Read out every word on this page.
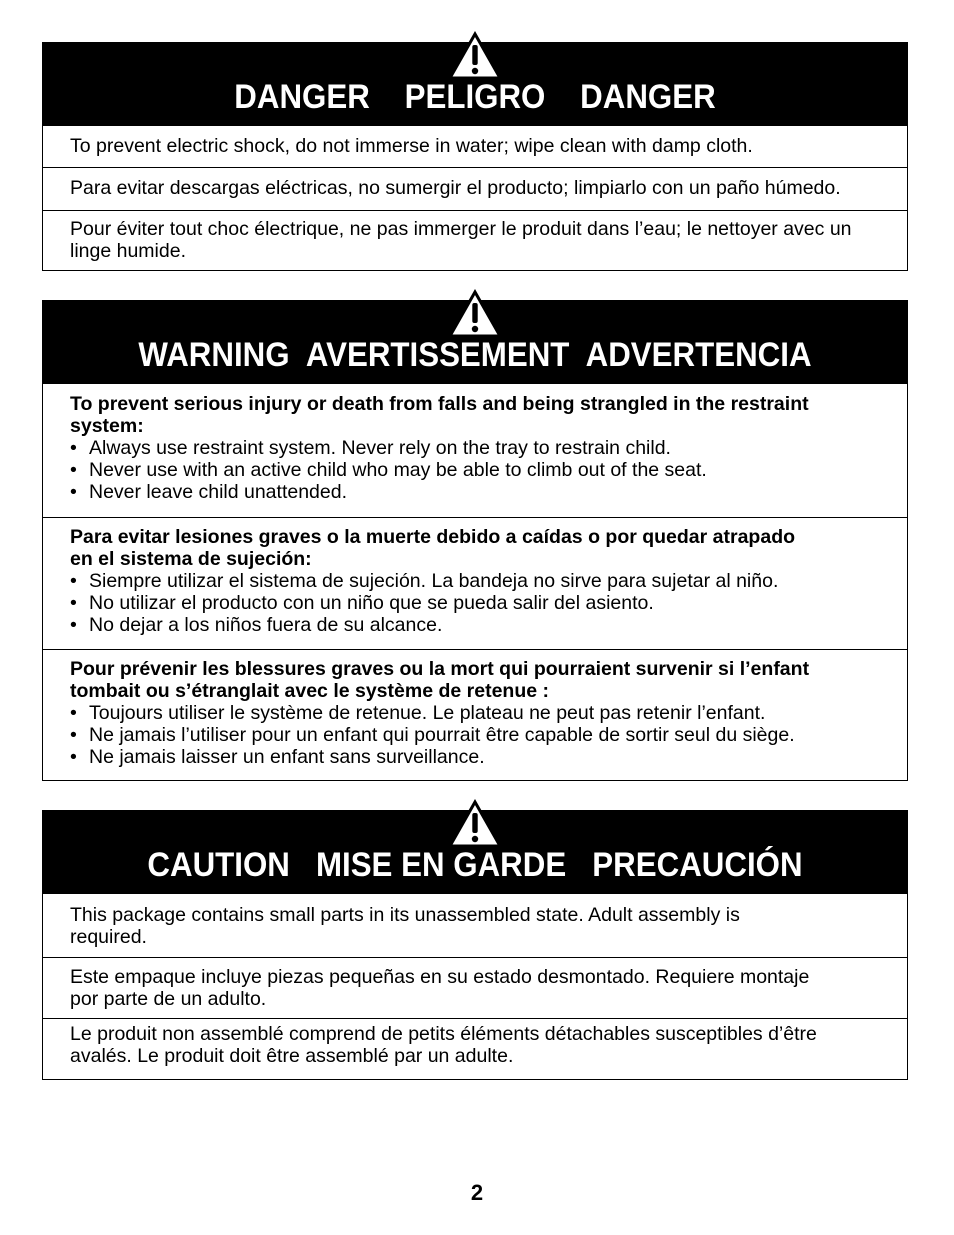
DANGER    PELIGRO    DANGER

To prevent electric shock, do not immerse in water; wipe clean with damp cloth.

Para evitar descargas eléctricas, no sumergir el producto; limpiarlo con un paño húmedo.

Pour éviter tout choc électrique, ne pas immerger le produit dans l’eau; le nettoyer avec un linge humide.

WARNING  AVERTISSEMENT  ADVERTENCIA

To prevent serious injury or death from falls and being strangled in the restraint system:

• Always use restraint system. Never rely on the tray to restrain child.
• Never use with an active child who may be able to climb out of the seat.
• Never leave child unattended.

Para evitar lesiones graves o la muerte debido a caídas o por quedar atrapado en el sistema de sujeción:

• Siempre utilizar el sistema de sujeción. La bandeja no sirve para sujetar al niño.
• No utilizar el producto con un niño que se pueda salir del asiento.
• No dejar a los niños fuera de su alcance.

Pour prévenir les blessures graves ou la mort qui pourraient survenir si l’enfant tombait ou s’étranglait avec le système de retenue :

• Toujours utiliser le système de retenue. Le plateau ne peut pas retenir l’enfant.
• Ne jamais l’utiliser pour un enfant qui pourrait être capable de sortir seul du siège.
• Ne jamais laisser un enfant sans surveillance.
CAUTION   MISE EN GARDE   PRECAUCIÓN

This package contains small parts in its unassembled state. Adult assembly is required.

Este empaque incluye piezas pequeñas en su estado desmontado. Requiere montaje por parte de un adulto.

Le produit non assemblé comprend de petits éléments détachables susceptibles d’être avalés. Le produit doit être assemblé par un adulte.

2
